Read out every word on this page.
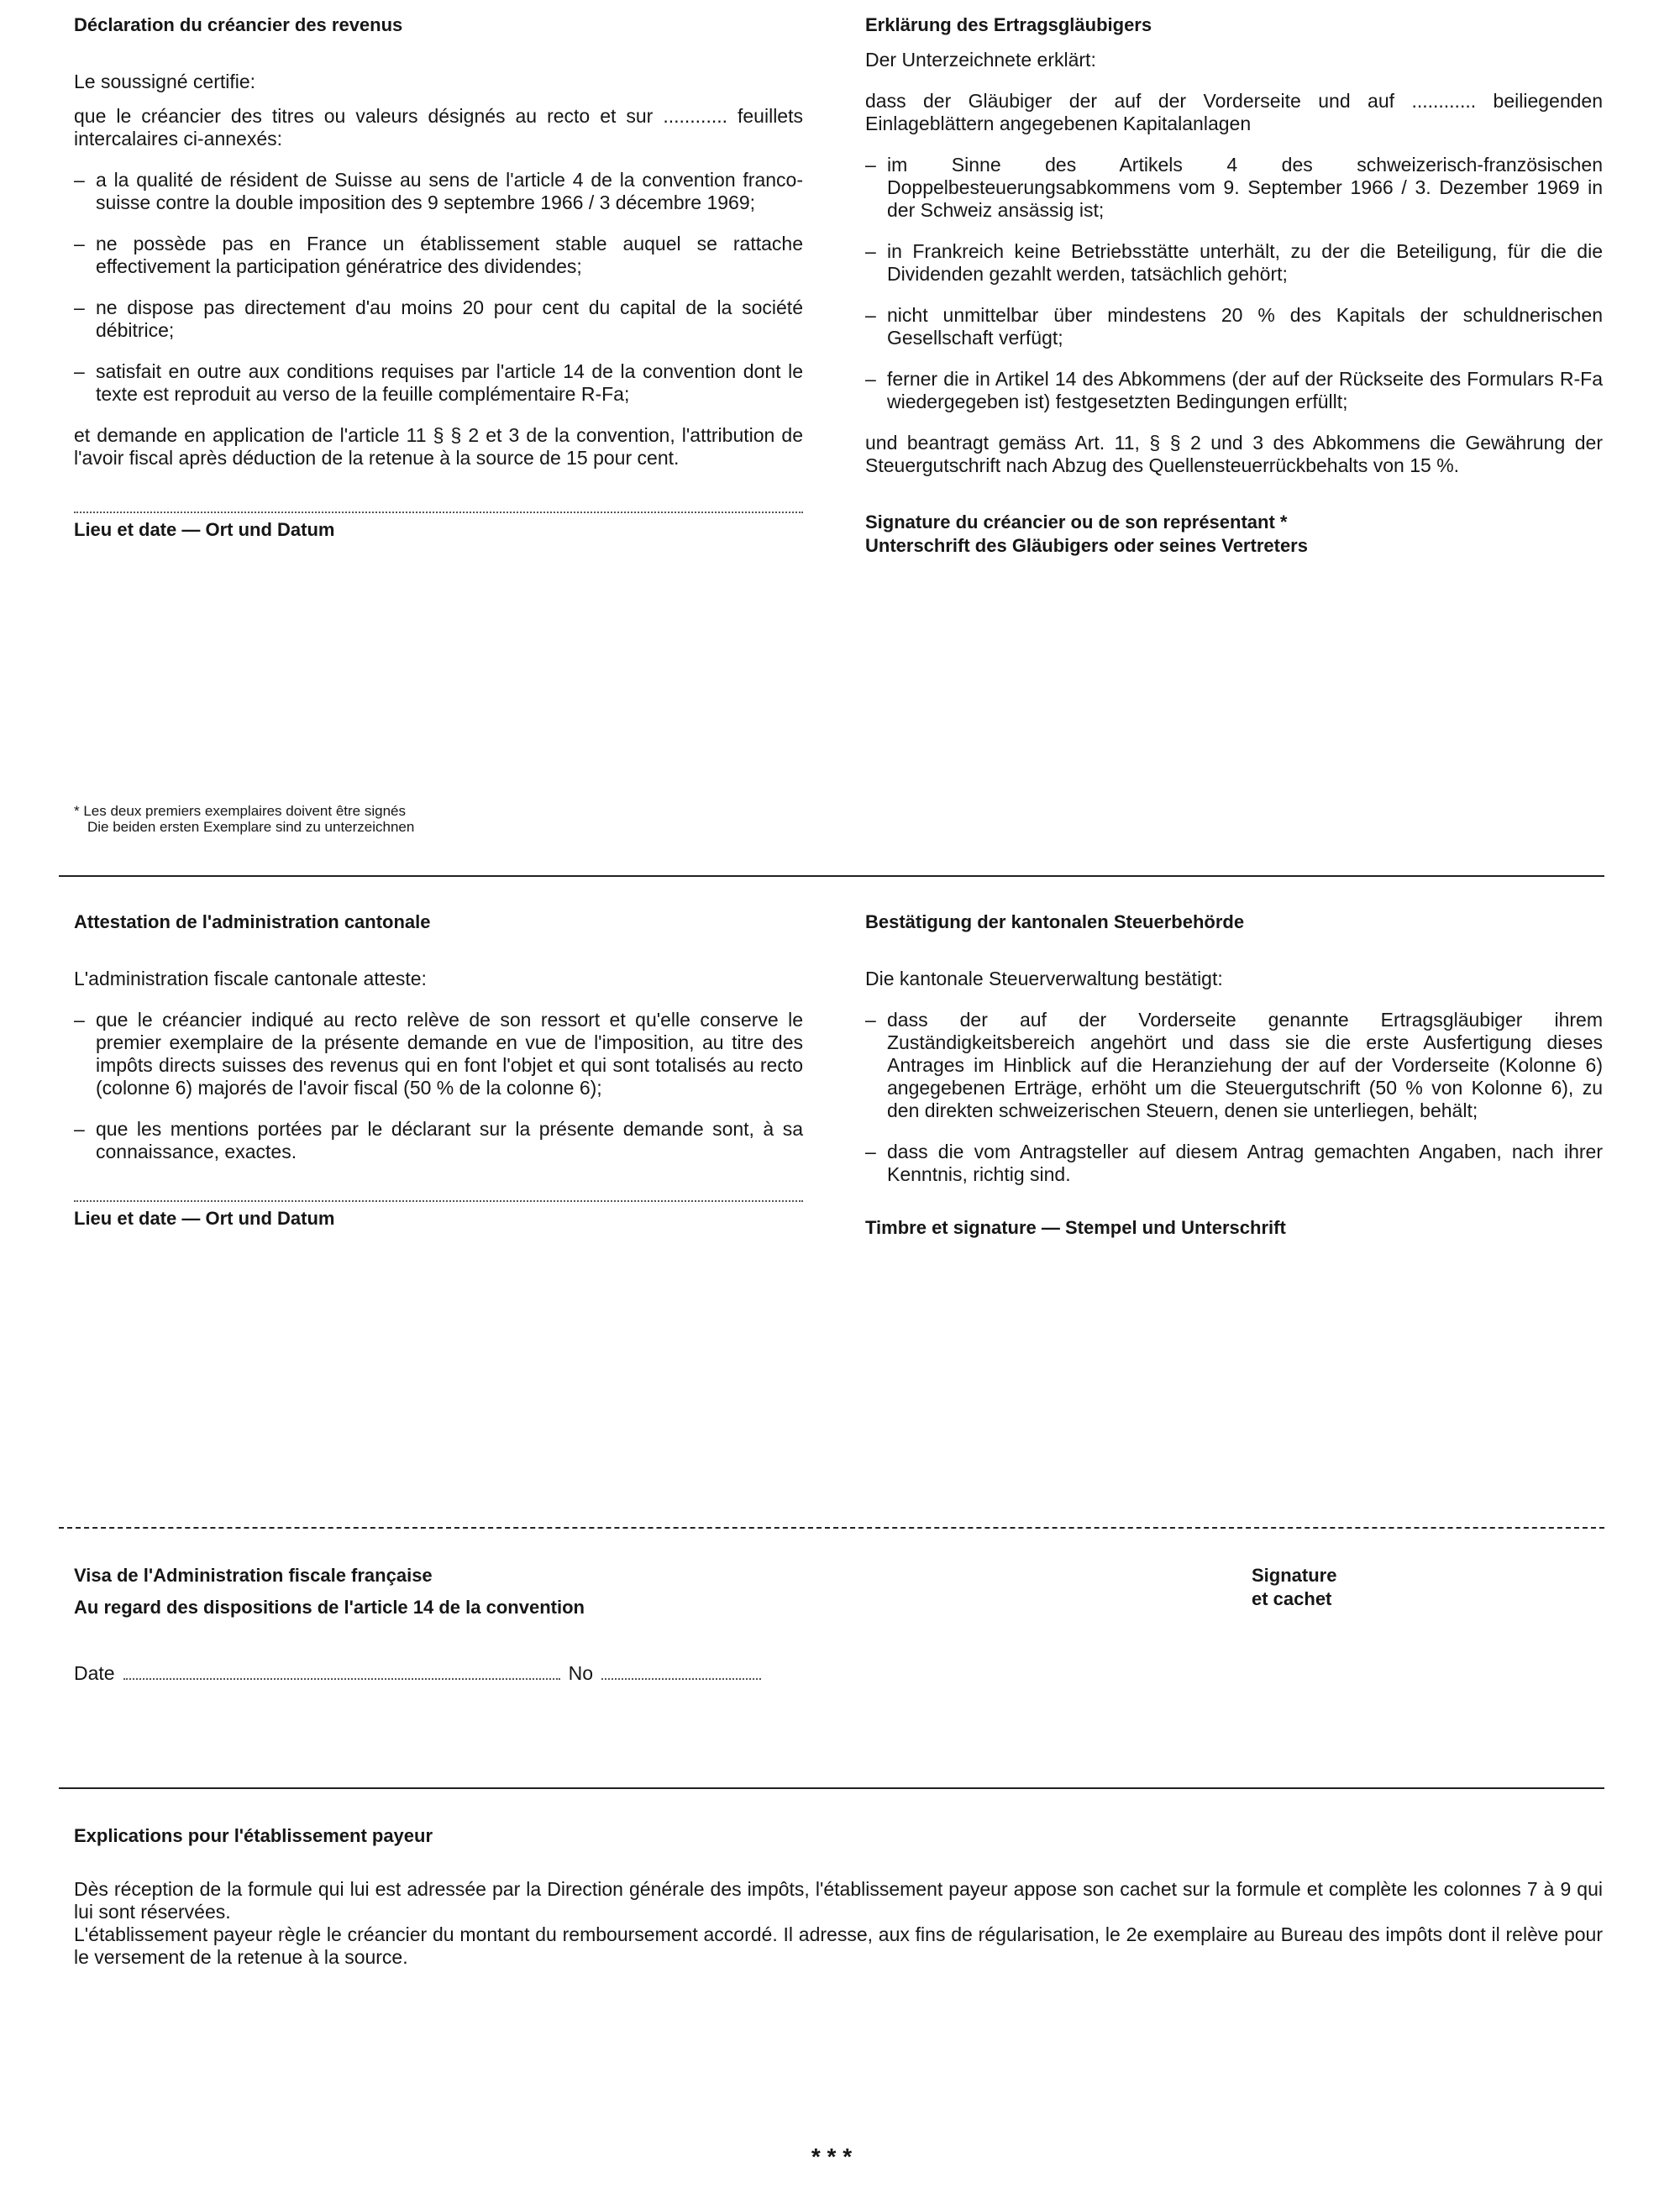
Déclaration du créancier des revenus

Le soussigné certifie:

que le créancier des titres ou valeurs désignés au recto et sur ............ feuillets intercalaires ci-annexés:

– a la qualité de résident de Suisse au sens de l'article 4 de la convention franco-suisse contre la double imposition des 9 septembre 1966 / 3 décembre 1969;
– ne possède pas en France un établissement stable auquel se rattache effectivement la participation génératrice des dividendes;
– ne dispose pas directement d'au moins 20 pour cent du capital de la société débitrice;
– satisfait en outre aux conditions requises par l'article 14 de la convention dont le texte est reproduit au verso de la feuille complémentaire R-Fa;

et demande en application de l'article 11 § § 2 et 3 de la convention, l'attribution de l'avoir fiscal après déduction de la retenue à la source de 15 pour cent.

Lieu et date — Ort und Datum

Erklärung des Ertragsgläubigers

Der Unterzeichnete erklärt:

dass der Gläubiger der auf der Vorderseite und auf ............ beiliegenden Einlageblättern angegebenen Kapitalanlagen

– im Sinne des Artikels 4 des schweizerisch-französischen Doppelbesteuerungsabkommens vom 9. September 1966 / 3. Dezember 1969 in der Schweiz ansässig ist;
– in Frankreich keine Betriebsstätte unterhält, zu der die Beteiligung, für die die Dividenden gezahlt werden, tatsächlich gehört;
– nicht unmittelbar über mindestens 20 % des Kapitals der schuldnerischen Gesellschaft verfügt;
– ferner die in Artikel 14 des Abkommens (der auf der Rückseite des Formulars R-Fa wiedergegeben ist) festgesetzten Bedingungen erfüllt;

und beantragt gemäss Art. 11, § § 2 und 3 des Abkommens die Gewährung der Steuergutschrift nach Abzug des Quellensteuerrückbehalts von 15 %.

Signature du créancier ou de son représentant *

Unterschrift des Gläubigers oder seines Vertreters

* Les deux premiers exemplaires doivent être signés

Die beiden ersten Exemplare sind zu unterzeichnen

Attestation de l'administration cantonale

L'administration fiscale cantonale atteste:

– que le créancier indiqué au recto relève de son ressort et qu'elle conserve le premier exemplaire de la présente demande en vue de l'imposition, au titre des impôts directs suisses des revenus qui en font l'objet et qui sont totalisés au recto (colonne 6) majorés de l'avoir fiscal (50 % de la colonne 6);
– que les mentions portées par le déclarant sur la présente demande sont, à sa connaissance, exactes.

Lieu et date — Ort und Datum

Bestätigung der kantonalen Steuerbehörde

Die kantonale Steuerverwaltung bestätigt:

– dass der auf der Vorderseite genannte Ertragsgläubiger ihrem Zuständigkeitsbereich angehört und dass sie die erste Ausfertigung dieses Antrages im Hinblick auf die Heranziehung der auf der Vorderseite (Kolonne 6) angegebenen Erträge, erhöht um die Steuergutschrift (50 % von Kolonne 6), zu den direkten schweizerischen Steuern, denen sie unterliegen, behält;
– dass die vom Antragsteller auf diesem Antrag gemachten Angaben, nach ihrer Kenntnis, richtig sind.

Timbre et signature — Stempel und Unterschrift

Visa de l'Administration fiscale française
Au regard des dispositions de l'article 14 de la convention
Date	No

Signature

et cachet

Explications pour l'établissement payeur

Dès réception de la formule qui lui est adressée par la Direction générale des impôts, l'établissement payeur appose son cachet sur la formule et complète les colonnes 7 à 9 qui lui sont réservées.

L'établissement payeur règle le créancier du montant du remboursement accordé. Il adresse, aux fins de régularisation, le 2e exemplaire au Bureau des impôts dont il relève pour le versement de la retenue à la source.

* * *
